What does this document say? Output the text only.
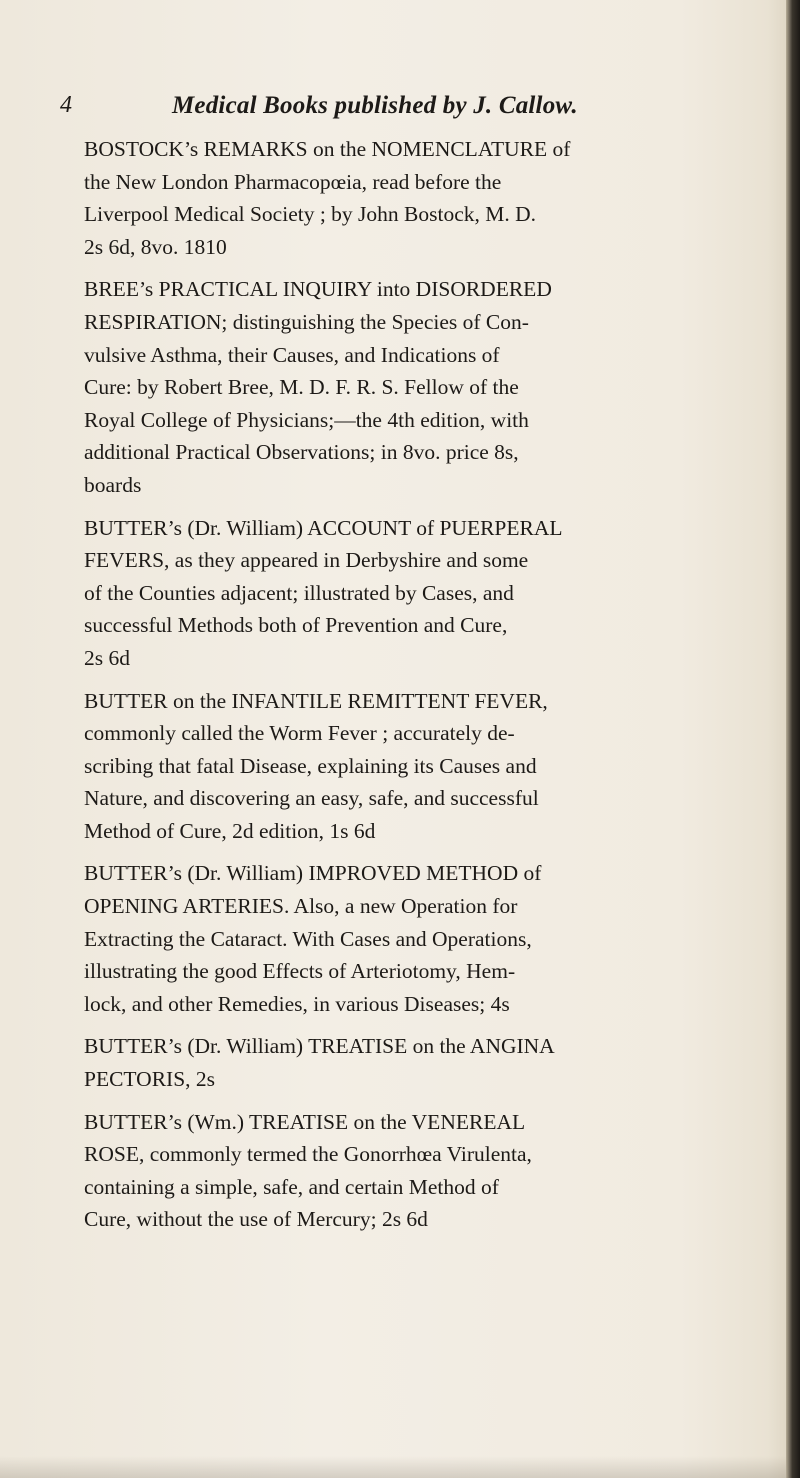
4	Medical Books published by J. Callow.
BOSTOCK’s REMARKS on the NOMENCLATURE of
the New London Pharmacopœia, read before the
Liverpool Medical Society ; by John Bostock, M. D.
2s 6d, 8vo. 1810
BREE’s PRACTICAL INQUIRY into DISORDERED
RESPIRATION; distinguishing the Species of Con-
vulsive Asthma, their Causes, and Indications of
Cure: by Robert Bree, M. D. F. R. S. Fellow of the
Royal College of Physicians;—the 4th edition, with
additional Practical Observations; in 8vo. price 8s,
boards
BUTTER’s (Dr. William) ACCOUNT of PUERPERAL
FEVERS, as they appeared in Derbyshire and some
of the Counties adjacent; illustrated by Cases, and
successful Methods both of Prevention and Cure,
2s 6d
BUTTER on the INFANTILE REMITTENT FEVER,
commonly called the Worm Fever ; accurately de-
scribing that fatal Disease, explaining its Causes and
Nature, and discovering an easy, safe, and successful
Method of Cure, 2d edition, 1s 6d
BUTTER’s (Dr. William) IMPROVED METHOD of
OPENING ARTERIES. Also, a new Operation for
Extracting the Cataract. With Cases and Operations,
illustrating the good Effects of Arteriotomy, Hem-
lock, and other Remedies, in various Diseases; 4s
BUTTER’s (Dr. William) TREATISE on the ANGINA
PECTORIS, 2s
BUTTER’s (Wm.) TREATISE on the VENEREAL
ROSE, commonly termed the Gonorrhœa Virulenta,
containing a simple, safe, and certain Method of
Cure, without the use of Mercury; 2s 6d
